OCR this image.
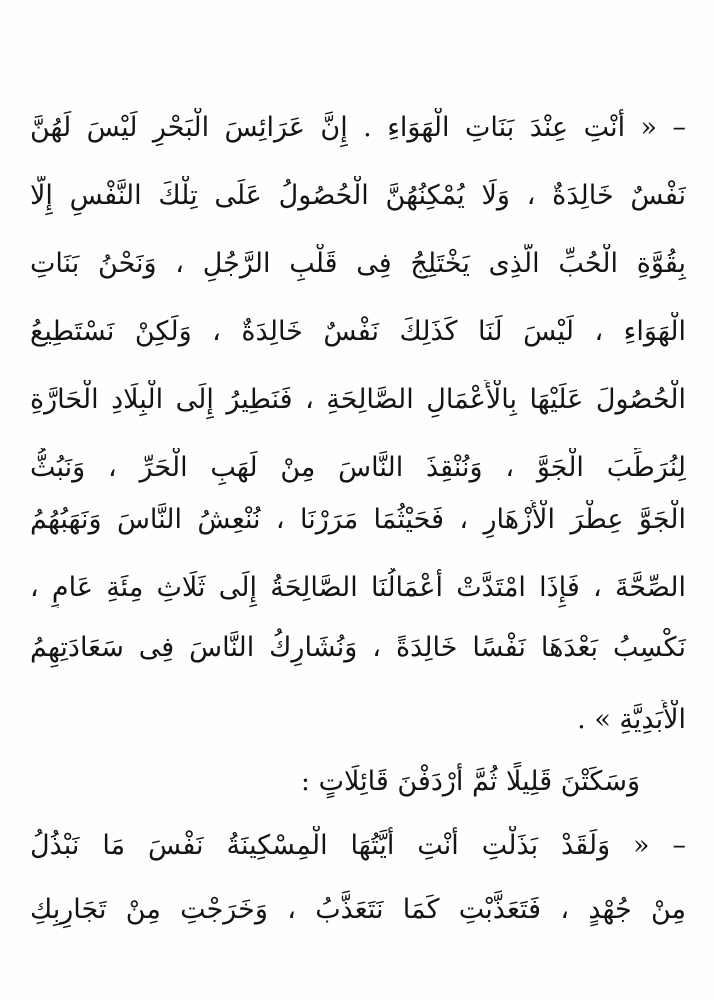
– « أَنْتِ عِنْدَ بَنَاتِ الْهَوَاءِ . إِنَّ عَرَائِسَ الْبَحْرِ لَيْسَ لَهُنَّ
نَفْسٌ خَالِدَةٌ ، وَلَا يُمْكِنُهُنَّ الْحُصُولُ عَلَى تِلْكَ النَّفْسِ إِلَّا
بِقُوَّةِ الْحُبِّ الَّذِى يَخْتَلِجُ فِى قَلْبِ الرَّجُلِ ، وَنَحْنُ بَنَاتِ
الْهَوَاءِ ، لَيْسَ لَنَا كَذَلِكَ نَفْسٌ خَالِدَةٌ ، وَلَكِنْ نَسْتَطِيعُ
الْحُصُولَ عَلَيْهَا بِالْأَعْمَالِ الصَّالِحَةِ ، فَنَطِيرُ إِلَى الْبِلَادِ الْحَارَّةِ
لِنُرَطِّبَ الْجَوَّ ، وَنُنْقِذَ النَّاسَ مِنْ لَهَبِ الْحَرِّ ، وَنَبُثُّ
الْجَوَّ عِطْرَ الْأَزْهَارِ ، فَحَيْثُمَا مَرَرْنَا ، نُنْعِشُ النَّاسَ وَنَهَبُهُمُ
الصِّحَّةَ ، فَإِذَا امْتَدَّتْ أَعْمَالُنَا الصَّالِحَةُ إِلَى ثَلَاثِ مِئَةِ عَامٍ ،
نَكْسِبُ بَعْدَهَا نَفْسًا خَالِدَةً ، وَنُشَارِكُ النَّاسَ فِى سَعَادَتِهِمُ
الْأَبَدِيَّةِ » .
وَسَكَتْنَ قَلِيلًا ثُمَّ أَرْدَفْنَ قَائِلَاتٍ :
– « وَلَقَدْ بَذَلْتِ أَنْتِ أَيَّتُهَا الْمِسْكِينَةُ نَفْسَ مَا نَبْذُلُ
مِنْ جُهْدٍ ، فَتَعَذَّبْتِ كَمَا نَتَعَذَّبُ ، وَخَرَجْتِ مِنْ تَجَارِبِكِ
